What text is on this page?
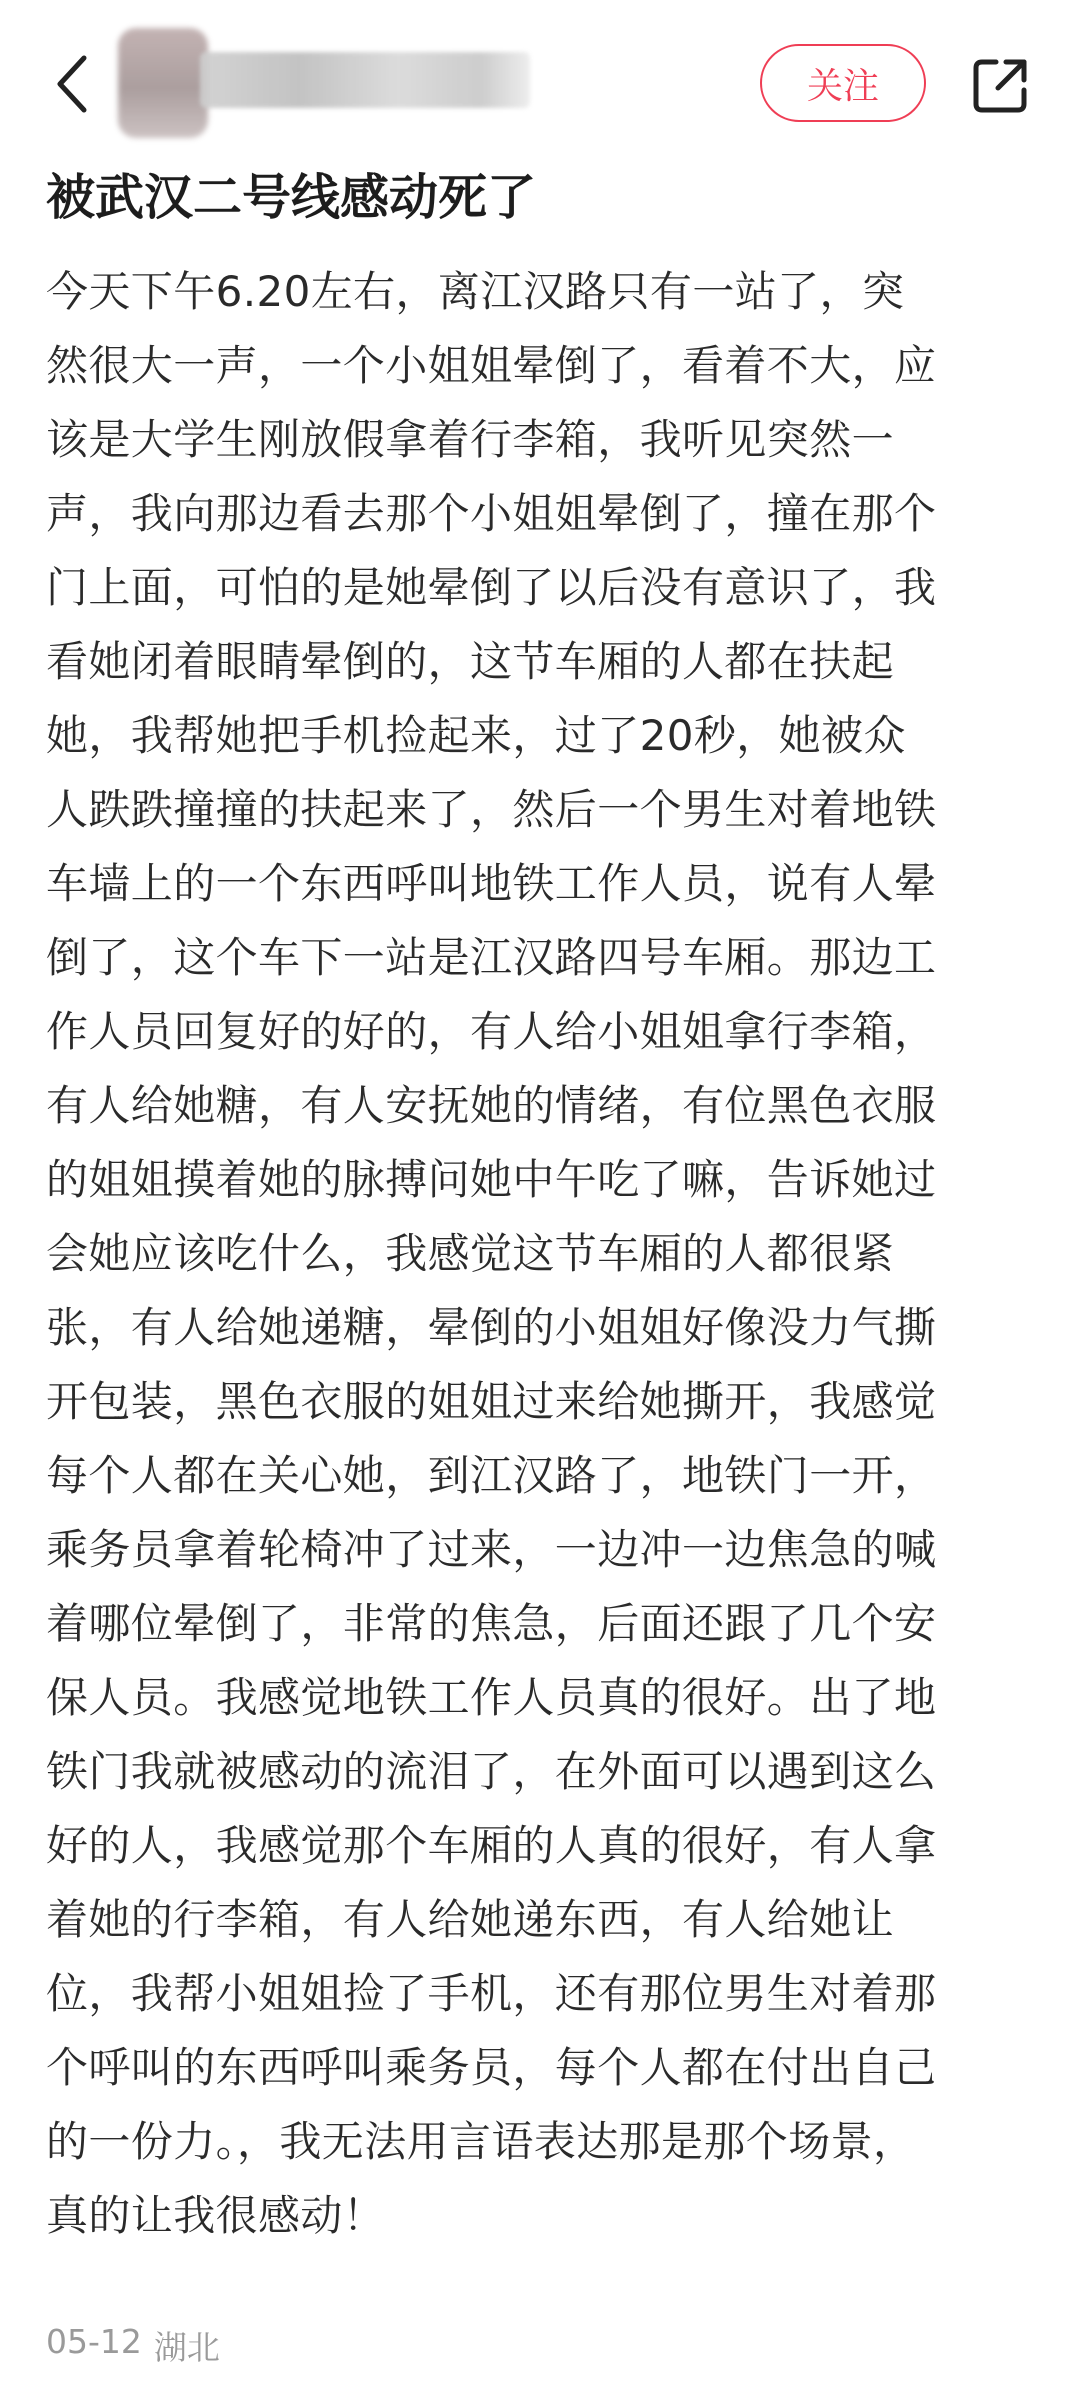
关注
被武汉二号线感动死了

今天下午6.20左右，离江汉路只有一站了，突
然很大一声，一个小姐姐晕倒了，看着不大，应
该是大学生刚放假拿着行李箱，我听见突然一
声，我向那边看去那个小姐姐晕倒了，撞在那个
门上面，可怕的是她晕倒了以后没有意识了，我
看她闭着眼睛晕倒的，这节车厢的人都在扶起
她，我帮她把手机捡起来，过了20秒，她被众
人跌跌撞撞的扶起来了，然后一个男生对着地铁
车墙上的一个东西呼叫地铁工作人员，说有人晕
倒了，这个车下一站是江汉路四号车厢。那边工
作人员回复好的好的，有人给小姐姐拿行李箱，
有人给她糖，有人安抚她的情绪，有位黑色衣服
的姐姐摸着她的脉搏问她中午吃了嘛，告诉她过
会她应该吃什么，我感觉这节车厢的人都很紧
张，有人给她递糖，晕倒的小姐姐好像没力气撕
开包装，黑色衣服的姐姐过来给她撕开，我感觉
每个人都在关心她，到江汉路了，地铁门一开，
乘务员拿着轮椅冲了过来，一边冲一边焦急的喊
着哪位晕倒了，非常的焦急，后面还跟了几个安
保人员。我感觉地铁工作人员真的很好。出了地
铁门我就被感动的流泪了，在外面可以遇到这么
好的人，我感觉那个车厢的人真的很好，有人拿
着她的行李箱，有人给她递东西，有人给她让
位，我帮小姐姐捡了手机，还有那位男生对着那
个呼叫的东西呼叫乘务员，每个人都在付出自己
的一份力。，我无法用言语表达那是那个场景，
真的让我很感动！

05-12 湖北
